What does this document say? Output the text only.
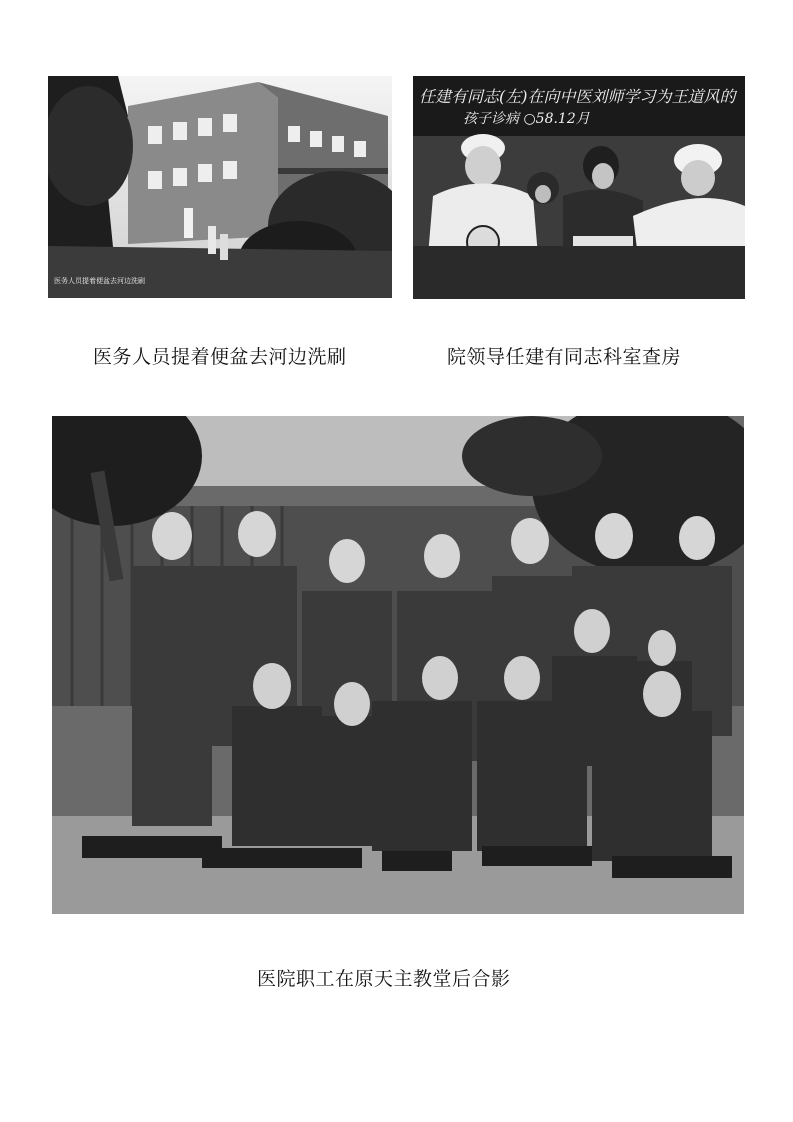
医务人员提着便盆去河边洗刷
任建有同志(左)在向中医刘师学习为王道风的
孩子诊病 ○58.12月
医务人员提着便盆去河边洗刷	院领导任建有同志科室查房
医院职工在原天主教堂后合影
